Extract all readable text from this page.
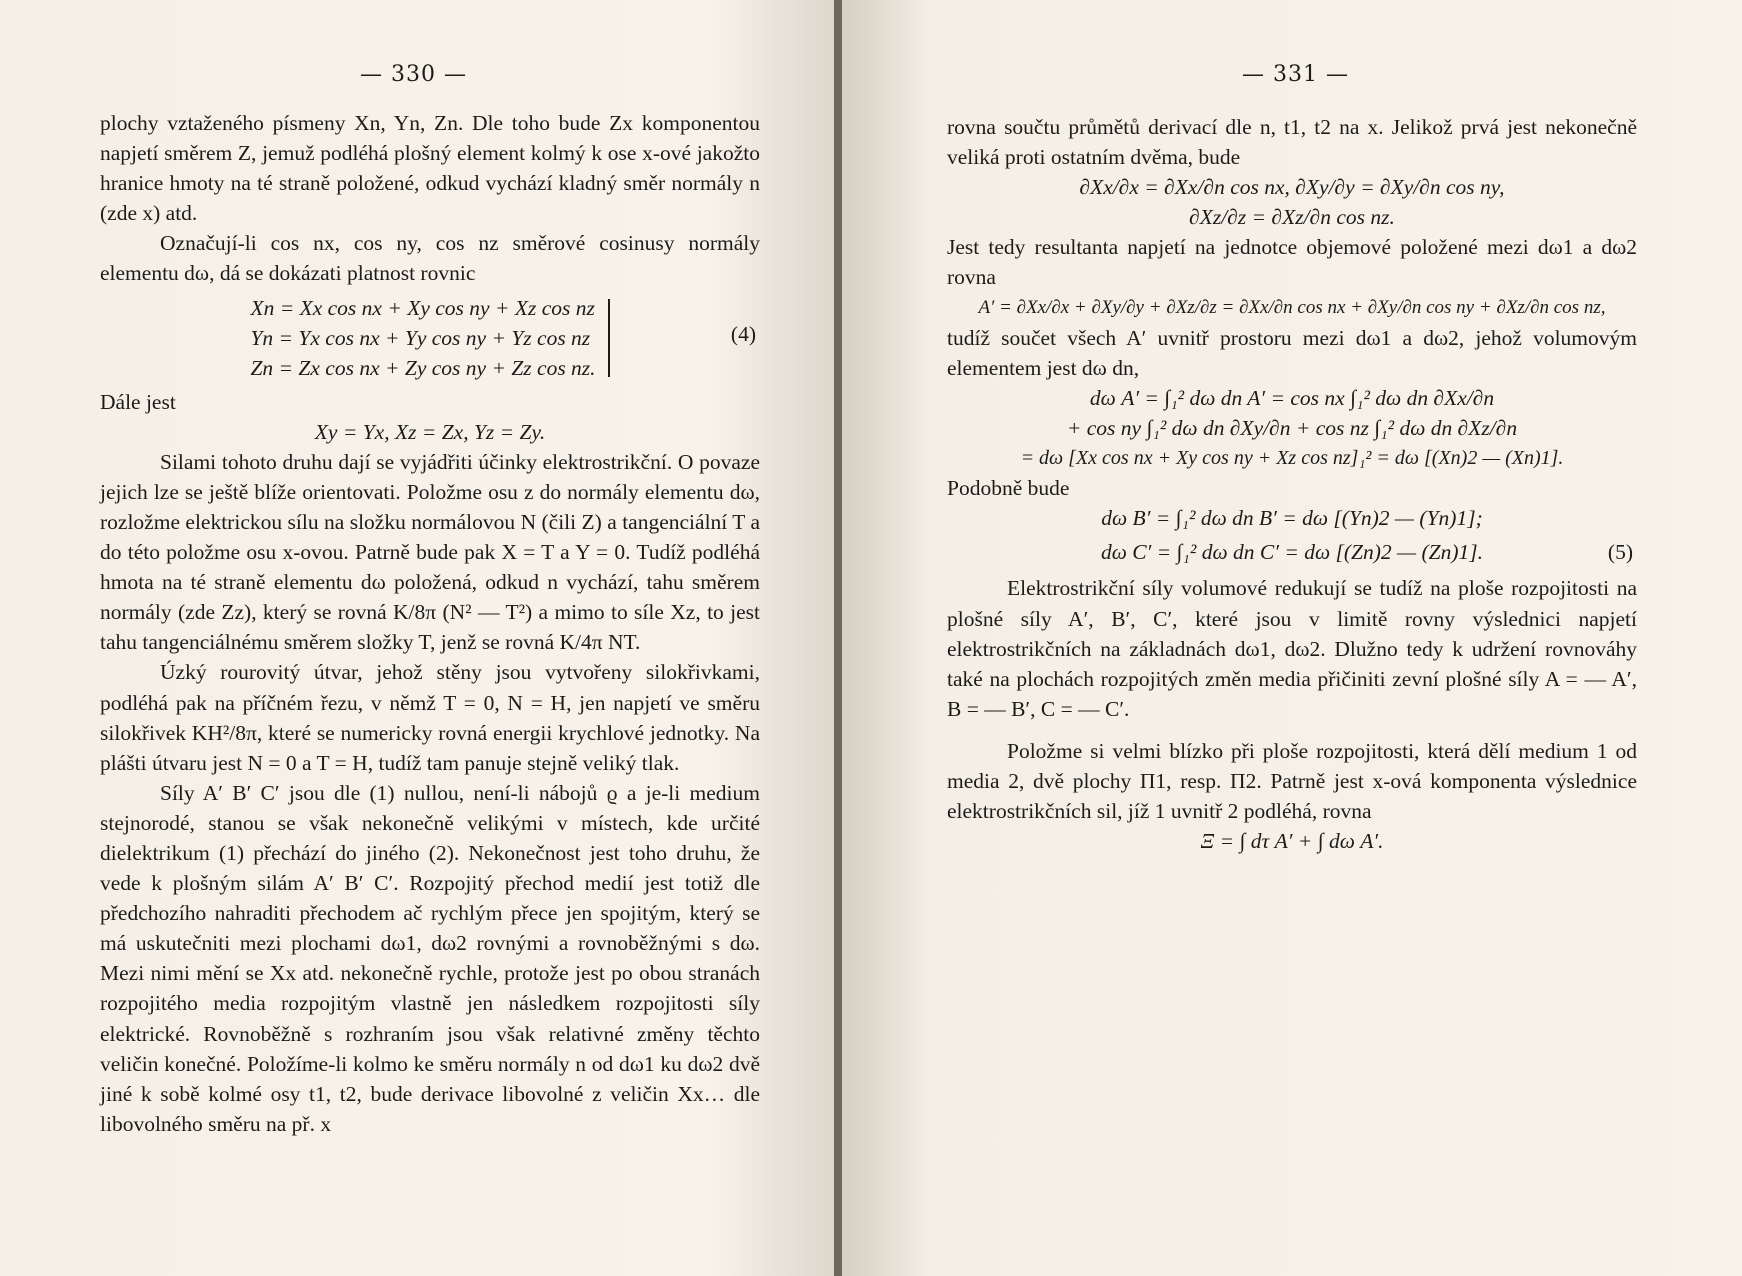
— 330 —

plochy vztaženého písmeny Xn, Yn, Zn. Dle toho bude Zx komponentou napjetí směrem Z, jemuž podléhá plošný element kolmý k ose x-ové jakožto hranice hmoty na té straně položené, odkud vychází kladný směr normály n (zde x) atd.

Označují-li cos nx, cos ny, cos nz směrové cosinusy normály elementu dω, dá se dokázati platnost rovnic

Xn = Xx cos nx + Xy cos ny + Xz cos nz
Yn = Yx cos nx + Yy cos ny + Yz cos nz
Zn = Zx cos nx + Zy cos ny + Zz cos nz.
(4)

Dále jest

Xy = Yx, Xz = Zx, Yz = Zy.

Silami tohoto druhu dají se vyjádřiti účinky elektrostrikční. O povaze jejich lze se ještě blíže orientovati. Položme osu z do normály elementu dω, rozložme elektrickou sílu na složku normálovou N (čili Z) a tangenciální T a do této položme osu x-ovou. Patrně bude pak X = T a Y = 0. Tudíž podléhá hmota na té straně elementu dω položená, odkud n vychází, tahu směrem normály (zde Zz), který se rovná K/8π (N² — T²) a mimo to síle Xz, to jest tahu tangenciálnému směrem složky T, jenž se rovná K/4π NT.

Úzký rourovitý útvar, jehož stěny jsou vytvořeny silokřivkami, podléhá pak na příčném řezu, v němž T = 0, N = H, jen napjetí ve směru silokřivek KH²/8π, které se numericky rovná energii krychlové jednotky. Na plášti útvaru jest N = 0 a T = H, tudíž tam panuje stejně veliký tlak.

Síly A′ B′ C′ jsou dle (1) nullou, není-li nábojů ϱ a je-li medium stejnorodé, stanou se však nekonečně velikými v místech, kde určité dielektrikum (1) přechází do jiného (2). Nekonečnost jest toho druhu, že vede k plošným silám A′ B′ C′. Rozpojitý přechod medií jest totiž dle předchozího nahraditi přechodem ač rychlým přece jen spojitým, který se má uskutečniti mezi plochami dω1, dω2 rovnými a rovnoběžnými s dω. Mezi nimi mění se Xx atd. nekonečně rychle, protože jest po obou stranách rozpojitého media rozpojitým vlastně jen následkem rozpojitosti síly elektrické. Rovnoběžně s rozhraním jsou však relativné změny těchto veličin konečné. Položíme-li kolmo ke směru normály n od dω1 ku dω2 dvě jiné k sobě kolmé osy t1, t2, bude derivace libovolné z veličin Xx… dle libovolného směru na př. x

— 331 —

rovna součtu průmětů derivací dle n, t1, t2 na x. Jelikož prvá jest nekonečně veliká proti ostatním dvěma, bude

∂Xx/∂x = ∂Xx/∂n cos nx, ∂Xy/∂y = ∂Xy/∂n cos ny,

∂Xz/∂z = ∂Xz/∂n cos nz.

Jest tedy resultanta napjetí na jednotce objemové položené mezi dω1 a dω2 rovna

A′ = ∂Xx/∂x + ∂Xy/∂y + ∂Xz/∂z = ∂Xx/∂n cos nx + ∂Xy/∂n cos ny + ∂Xz/∂n cos nz,

tudíž součet všech A′ uvnitř prostoru mezi dω1 a dω2, jehož volumovým elementem jest dω dn,

dω A′ = ∫₁² dω dn A′ = cos nx ∫₁² dω dn ∂Xx/∂n

+ cos ny ∫₁² dω dn ∂Xy/∂n + cos nz ∫₁² dω dn ∂Xz/∂n

= dω [Xx cos nx + Xy cos ny + Xz cos nz]₁² = dω [(Xn)2 — (Xn)1].

Podobně bude

dω B′ = ∫₁² dω dn B′ = dω [(Yn)2 — (Yn)1];

dω C′ = ∫₁² dω dn C′ = dω [(Zn)2 — (Zn)1].	(5)

Elektrostrikční síly volumové redukují se tudíž na ploše rozpojitosti na plošné síly A′, B′, C′, které jsou v limitě rovny výslednici napjetí elektrostrikčních na základnách dω1, dω2. Dlužno tedy k udržení rovnováhy také na plochách rozpojitých změn media přičiniti zevní plošné síly A = — A′, B = — B′, C = — C′.

Položme si velmi blízko při ploše rozpojitosti, která dělí medium 1 od media 2, dvě plochy Π1, resp. Π2. Patrně jest x-ová komponenta výslednice elektrostrikčních sil, jíž 1 uvnitř 2 podléhá, rovna

Ξ = ∫ dτ A′ + ∫ dω A′.
